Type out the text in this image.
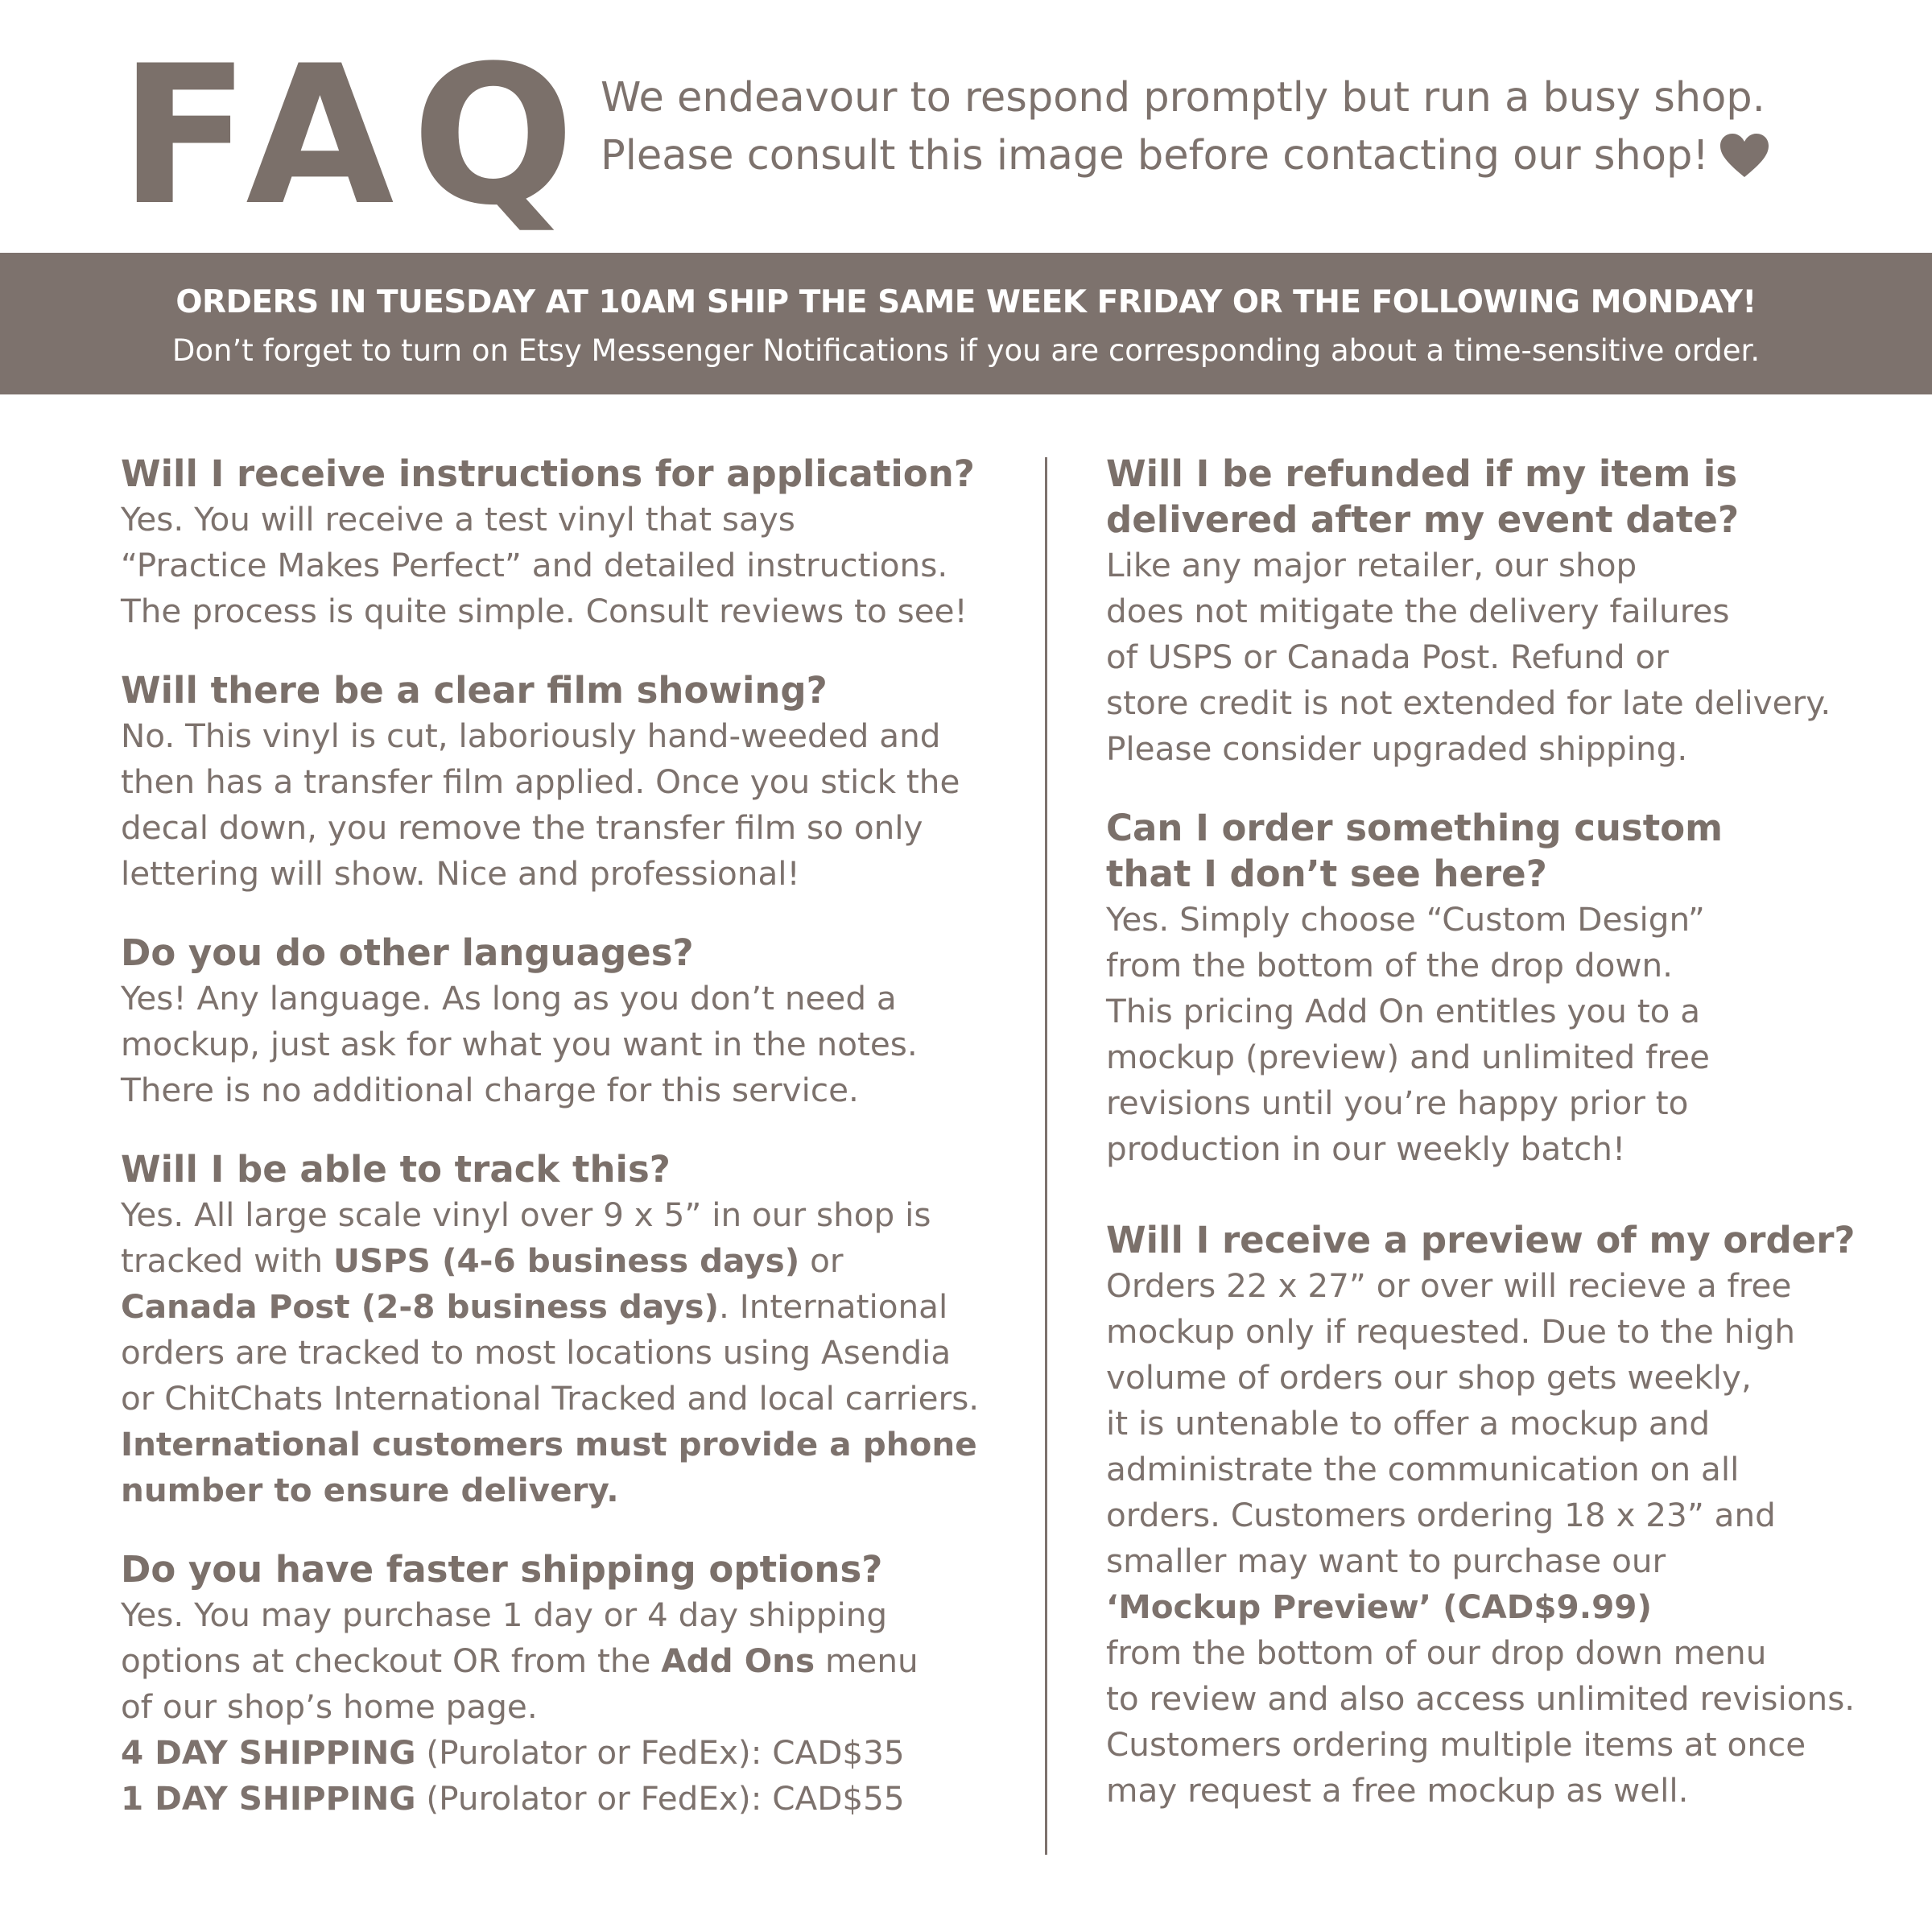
FAQ We endeavour to respond promptly but run a busy shop.
Please consult this image before contacting our shop!
ORDERS IN TUESDAY AT 10AM SHIP THE SAME WEEK FRIDAY OR THE FOLLOWING MONDAY!
Don’t forget to turn on Etsy Messenger Notifications if you are corresponding about a time-sensitive order.

Will I receive instructions for application?

Yes. You will receive a test vinyl that says

“Practice Makes Perfect” and detailed instructions.

The process is quite simple. Consult reviews to see!

Will there be a clear film showing?

No. This vinyl is cut, laboriously hand-weeded and

then has a transfer film applied. Once you stick the

decal down, you remove the transfer film so only

lettering will show. Nice and professional!

Do you do other languages?

Yes! Any language. As long as you don’t need a

mockup, just ask for what you want in the notes.

There is no additional charge for this service.

Will I be able to track this?

Yes. All large scale vinyl over 9 x 5” in our shop is

tracked with USPS (4-6 business days) or

Canada Post (2-8 business days). International

orders are tracked to most locations using Asendia

or ChitChats International Tracked and local carriers.

International customers must provide a phone

number to ensure delivery.

Do you have faster shipping options?

Yes. You may purchase 1 day or 4 day shipping

options at checkout OR from the Add Ons menu

of our shop’s home page.

4 DAY SHIPPING (Purolator or FedEx): CAD$35

1 DAY SHIPPING (Purolator or FedEx): CAD$55

Will I be refunded if my item is

delivered after my event date?

Like any major retailer, our shop

does not mitigate the delivery failures

of USPS or Canada Post. Refund or

store credit is not extended for late delivery.

Please consider upgraded shipping.

Can I order something custom

that I don’t see here?

Yes. Simply choose “Custom Design”

from the bottom of the drop down.

This pricing Add On entitles you to a

mockup (preview) and unlimited free

revisions until you’re happy prior to

production in our weekly batch!

Will I receive a preview of my order?

Orders 22 x 27” or over will recieve a free

mockup only if requested. Due to the high

volume of orders our shop gets weekly,

it is untenable to offer a mockup and

administrate the communication on all

orders. Customers ordering 18 x 23” and

smaller may want to purchase our

‘Mockup Preview’ (CAD$9.99)

from the bottom of our drop down menu

to review and also access unlimited revisions.

Customers ordering multiple items at once

may request a free mockup as well.
